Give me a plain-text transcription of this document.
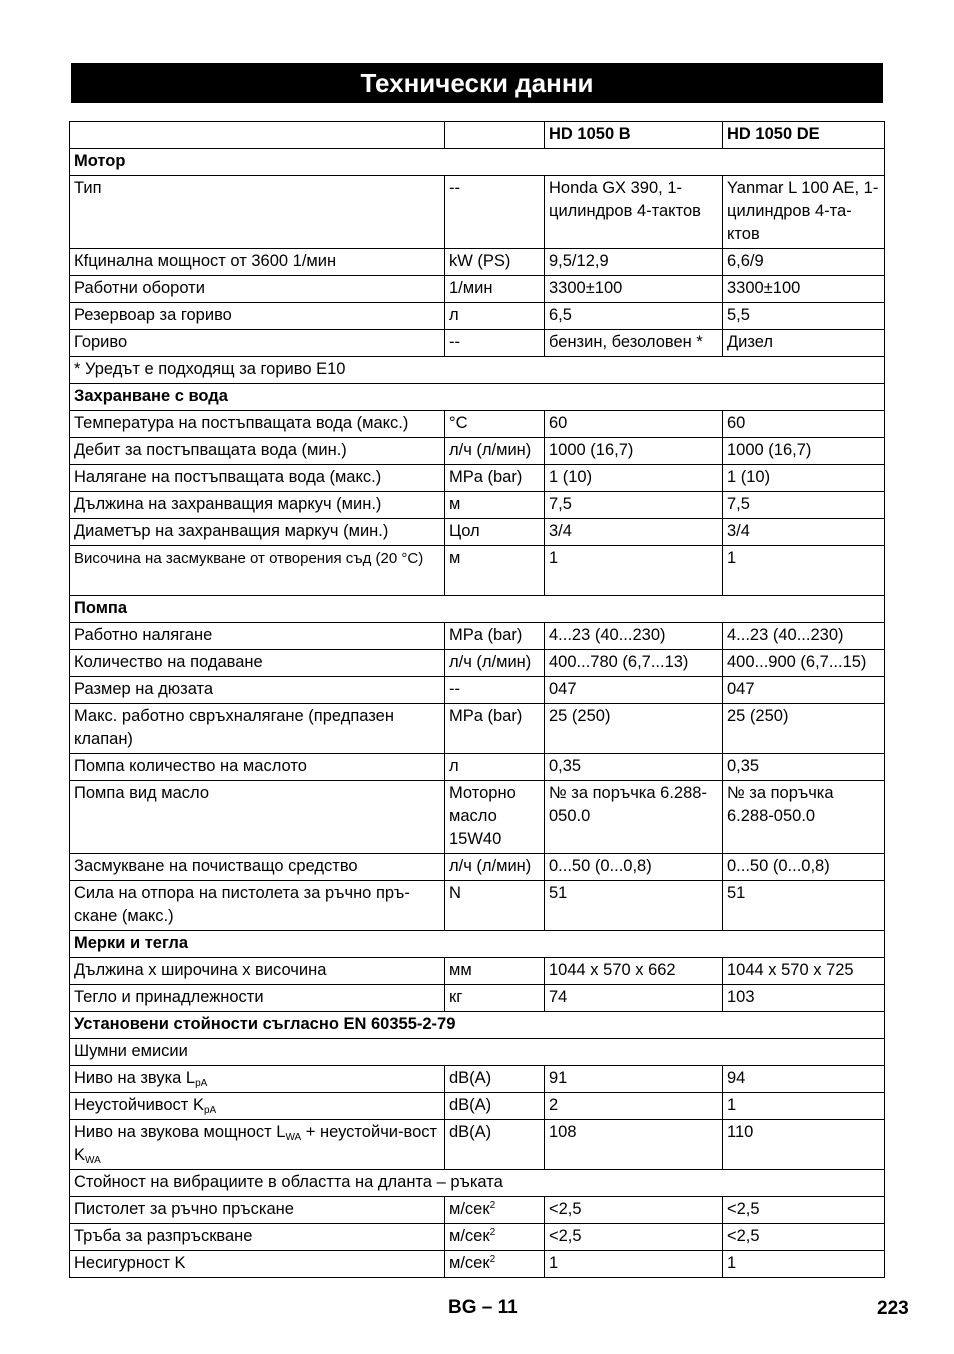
Технически данни
		HD 1050 B	HD 1050 DE
Мотор			
Тип	--	Honda GX 390, 1-цилиндров 4-тактов	Yanmar L 100 AE, 1-цилиндров 4-та-ктов
Кfцинална мощност от 3600 1/мин	kW (PS)	9,5/12,9	6,6/9
Работни обороти	1/мин	3300±100	3300±100
Резервоар за гориво	л	6,5	5,5
Гориво	--	бензин, безоловен *	Дизел
* Уредът е подходящ за гориво E10			
Захранване с вода			
Температура на постъпващата вода (макс.)	°C	60	60
Дебит за постъпващата вода (мин.)	л/ч (л/мин)	1000 (16,7)	1000 (16,7)
Налягане на постъпващата вода (макс.)	MPa (bar)	1 (10)	1 (10)
Дължина на захранващия маркуч (мин.)	м	7,5	7,5
Диаметър на захранващия маркуч (мин.)	Цол	3/4	3/4
Височина на засмукване от отворения съд (20 °C)	м	1	1
Помпа			
Работно налягане	MPa (bar)	4...23 (40...230)	4...23 (40...230)
Количество на подаване	л/ч (л/мин)	400...780 (6,7...13)	400...900 (6,7...15)
Размер на дюзата	--	047	047
Макс. работно свръхналягане (предпазен клапан)	MPa (bar)	25 (250)	25 (250)
Помпа количество на маслото	л	0,35	0,35
Помпа вид масло	Моторно масло 15W40	№ за поръчка 6.288-050.0	№ за поръчка 6.288-050.0
Засмукване на почистващо средство	л/ч (л/мин)	0...50 (0...0,8)	0...50 (0...0,8)
Сила на отпора на пистолета за ръчно пръ-скане (макс.)	N	51	51
Мерки и тегла			
Дължина x широчина x височина	мм	1044 x 570 x 662	1044 x 570 x 725
Тегло и принадлежности	кг	74	103
Установени стойности съгласно EN 60355-2-79			
Шумни емисии			
Ниво на звука $L_{pA}$	dB(A)	91	94
Неустойчивост $K_{pA}$	dB(A)	2	1
Ниво на звукова мощност $L_{WA}$ + неустойчи-вост $K_{WA}$	dB(A)	108	110
Стойност на вибрациите в областта на дланта – ръката			
Пистолет за ръчно пръскане	м/сек$^2$	<2,5	<2,5
Тръба за разпръскване	м/сек$^2$	<2,5	<2,5
Несигурност K	м/сек$^2$	1	1
BG – 11	223
